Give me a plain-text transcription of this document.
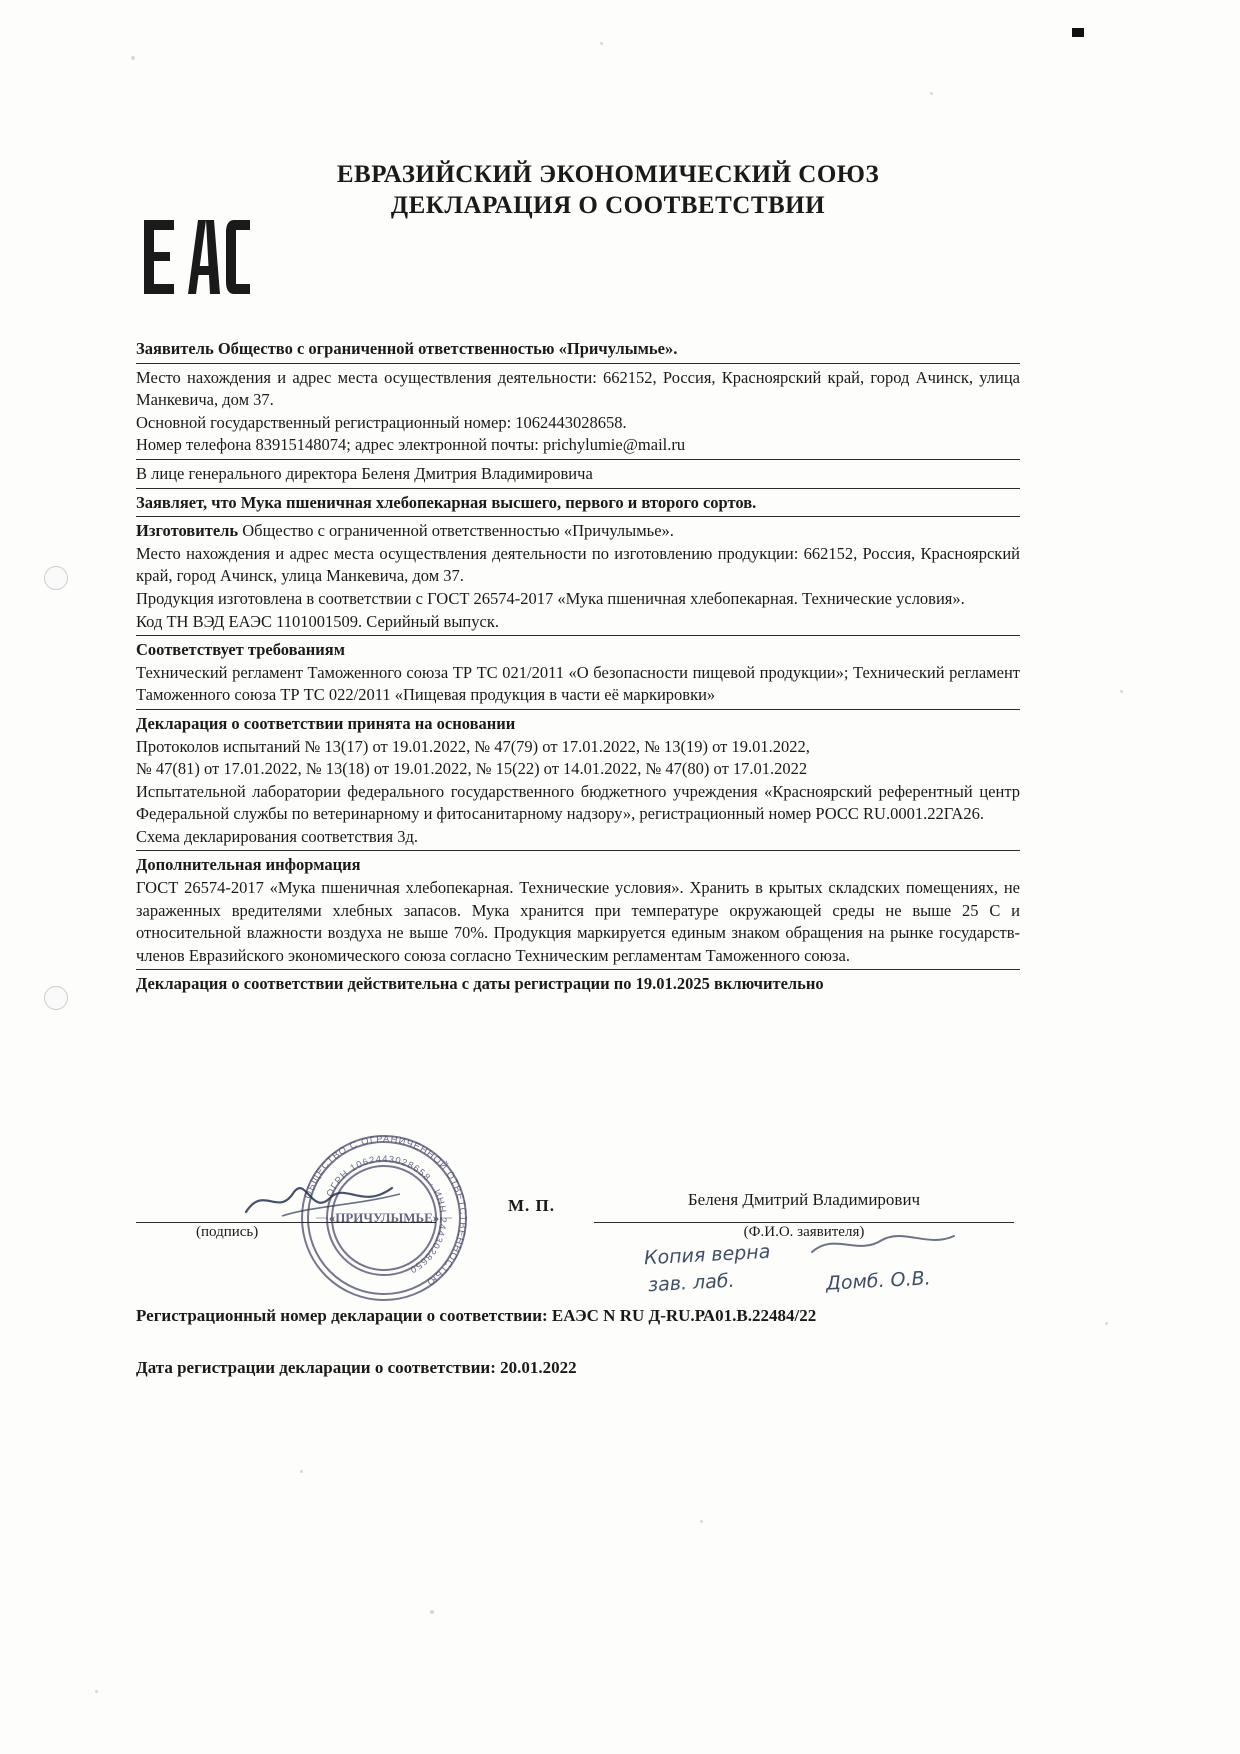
ЕВРАЗИЙСКИЙ ЭКОНОМИЧЕСКИЙ СОЮЗ
ДЕКЛАРАЦИЯ О СООТВЕТСТВИИ

Заявитель Общество с ограниченной ответственностью «Причулымье».

Место нахождения и адрес места осуществления деятельности: 662152, Россия, Красноярский край, город Ачинск, улица Манкевича, дом 37.

Основной государственный регистрационный номер: 1062443028658.

Номер телефона 83915148074; адрес электронной почты: prichylumie@mail.ru

В лице генерального директора Беленя Дмитрия Владимировича

Заявляет, что Мука пшеничная хлебопекарная высшего, первого и второго сортов.

Изготовитель Общество с ограниченной ответственностью «Причулымье».

Место нахождения и адрес места осуществления деятельности по изготовлению продукции: 662152, Россия, Красноярский край, город Ачинск, улица Манкевича, дом 37.

Продукция изготовлена в соответствии с ГОСТ 26574-2017 «Мука пшеничная хлебопекарная. Технические условия».

Код ТН ВЭД ЕАЭС 1101001509. Серийный выпуск.

Соответствует требованиям

Технический регламент Таможенного союза ТР ТС 021/2011 «О безопасности пищевой продукции»; Технический регламент Таможенного союза ТР ТС 022/2011 «Пищевая продукция в части её маркировки»

Декларация о соответствии принята на основании

Протоколов испытаний № 13(17) от 19.01.2022, № 47(79) от 17.01.2022, № 13(19) от 19.01.2022,

№ 47(81) от 17.01.2022, № 13(18) от 19.01.2022, № 15(22) от 14.01.2022, № 47(80) от 17.01.2022

Испытательной лаборатории федерального государственного бюджетного учреждения «Красноярский референтный центр Федеральной службы по ветеринарному и фитосанитарному надзору», регистрационный номер РОСС RU.0001.22ГА26.

Схема декларирования соответствия 3д.

Дополнительная информация

ГОСТ 26574-2017 «Мука пшеничная хлебопекарная. Технические условия». Хранить в крытых складских помещениях, не зараженных вредителями хлебных запасов. Мука хранится при температуре окружающей среды не выше 25 С и относительной влажности воздуха не выше 70%. Продукция маркируется единым знаком обращения на рынке государств-членов Евразийского экономического союза согласно Техническим регламентам Таможенного союза.

Декларация о соответствии действительна с даты регистрации по 19.01.2025 включительно

ОБЩЕСТВО С ОГРАНИЧЕННОЙ ОТВЕТСТВЕННОСТЬЮ
ОГРН 1062443028658 · ИНН 2443028650
«ПРИЧУЛЫМЬЕ»
М. П.	Беленя Дмитрий Владимирович
(подпись)	(Ф.И.О. заявителя)
Копия верна
зав. лаб.	Домб. О.В.
Регистрационный номер декларации о соответствии: ЕАЭС N RU Д-RU.РА01.В.22484/22
Дата регистрации декларации о соответствии: 20.01.2022
